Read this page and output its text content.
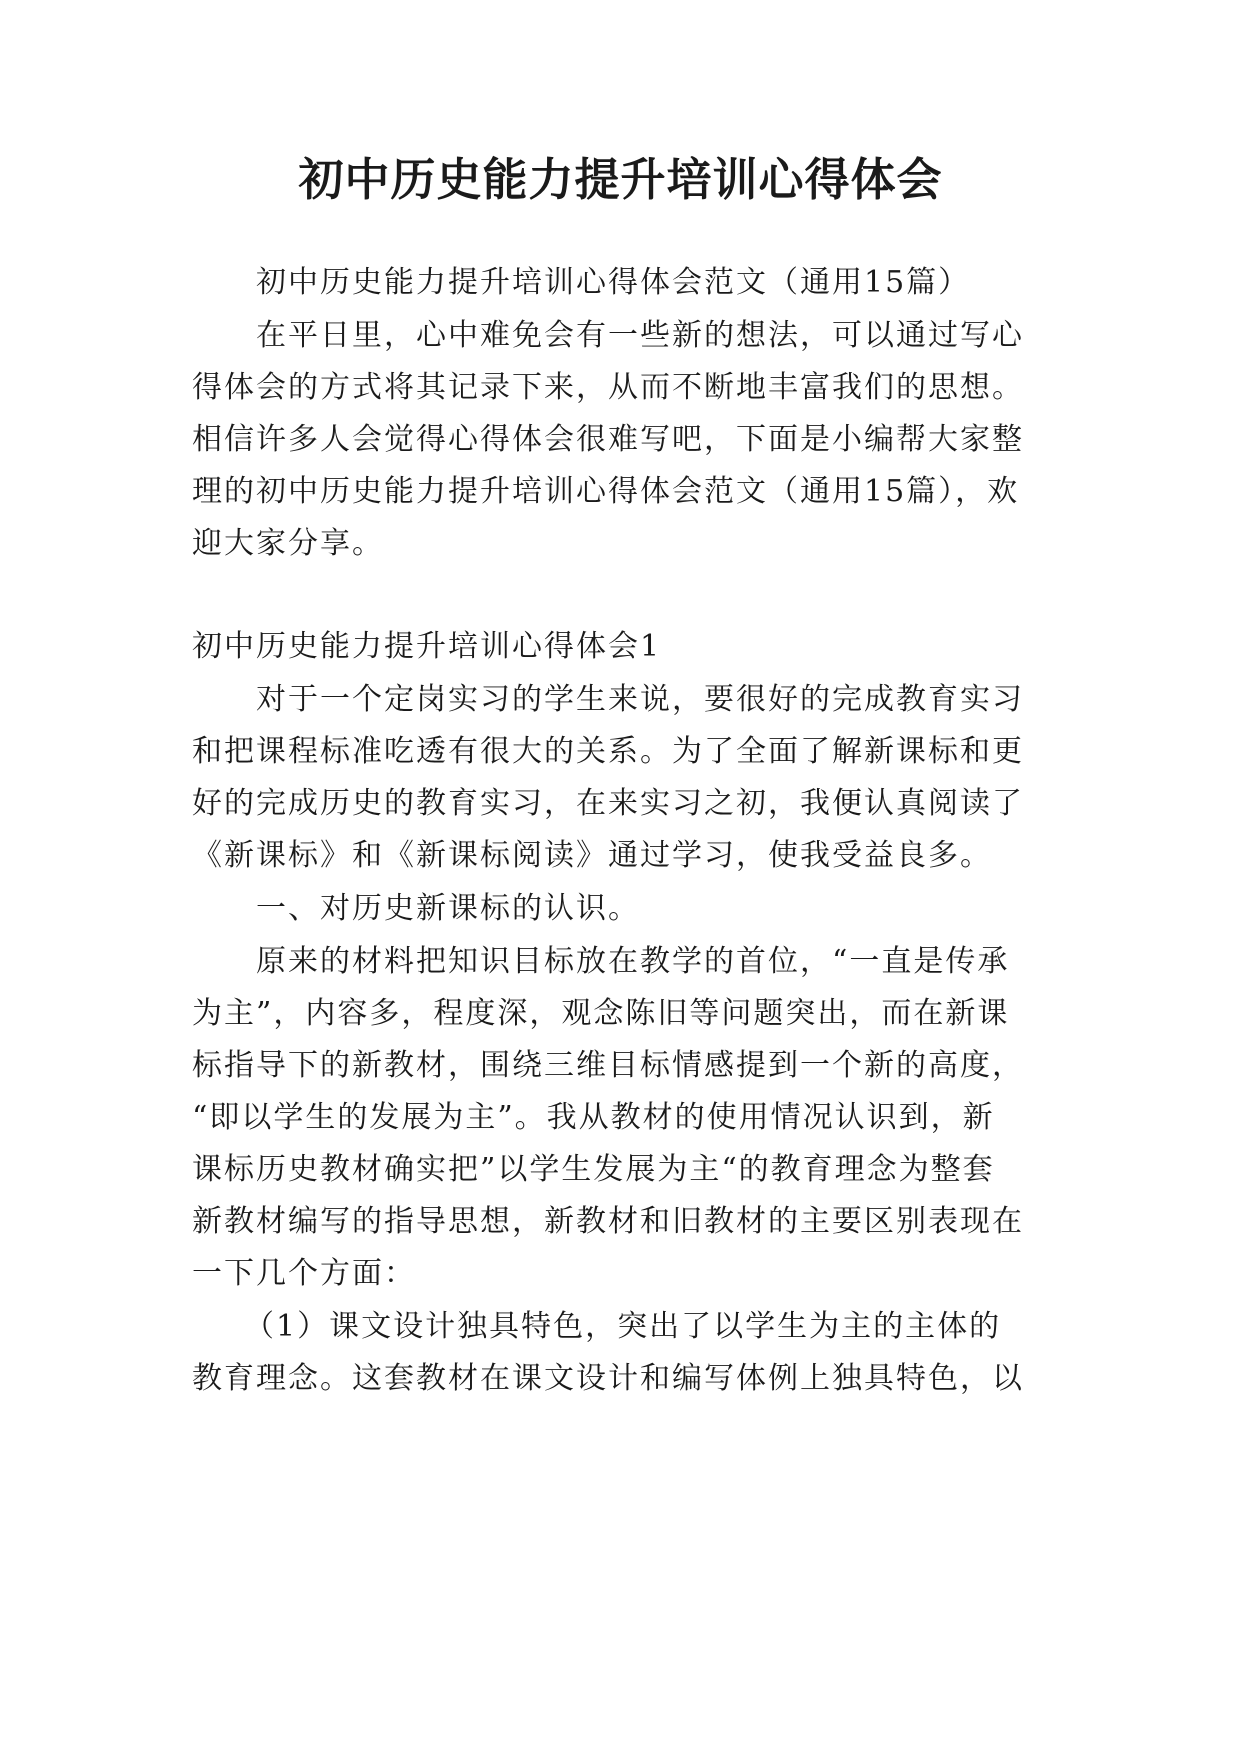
初中历史能力提升培训心得体会

初中历史能力提升培训心得体会范文（通用15篇）

在平日里，心中难免会有一些新的想法，可以通过写心

得体会的方式将其记录下来，从而不断地丰富我们的思想。

相信许多人会觉得心得体会很难写吧，下面是小编帮大家整

理的初中历史能力提升培训心得体会范文（通用15篇），欢

迎大家分享。

初中历史能力提升培训心得体会1

对于一个定岗实习的学生来说，要很好的完成教育实习

和把课程标准吃透有很大的关系。为了全面了解新课标和更

好的完成历史的教育实习，在来实习之初，我便认真阅读了

《新课标》和《新课标阅读》通过学习，使我受益良多。

一、对历史新课标的认识。

原来的材料把知识目标放在教学的首位，“一直是传承

为主”，内容多，程度深，观念陈旧等问题突出，而在新课

标指导下的新教材，围绕三维目标情感提到一个新的高度，

“即以学生的发展为主”。我从教材的使用情况认识到，新

课标历史教材确实把”以学生发展为主“的教育理念为整套

新教材编写的指导思想，新教材和旧教材的主要区别表现在

一下几个方面：

（1）课文设计独具特色，突出了以学生为主的主体的

教育理念。这套教材在课文设计和编写体例上独具特色，以
